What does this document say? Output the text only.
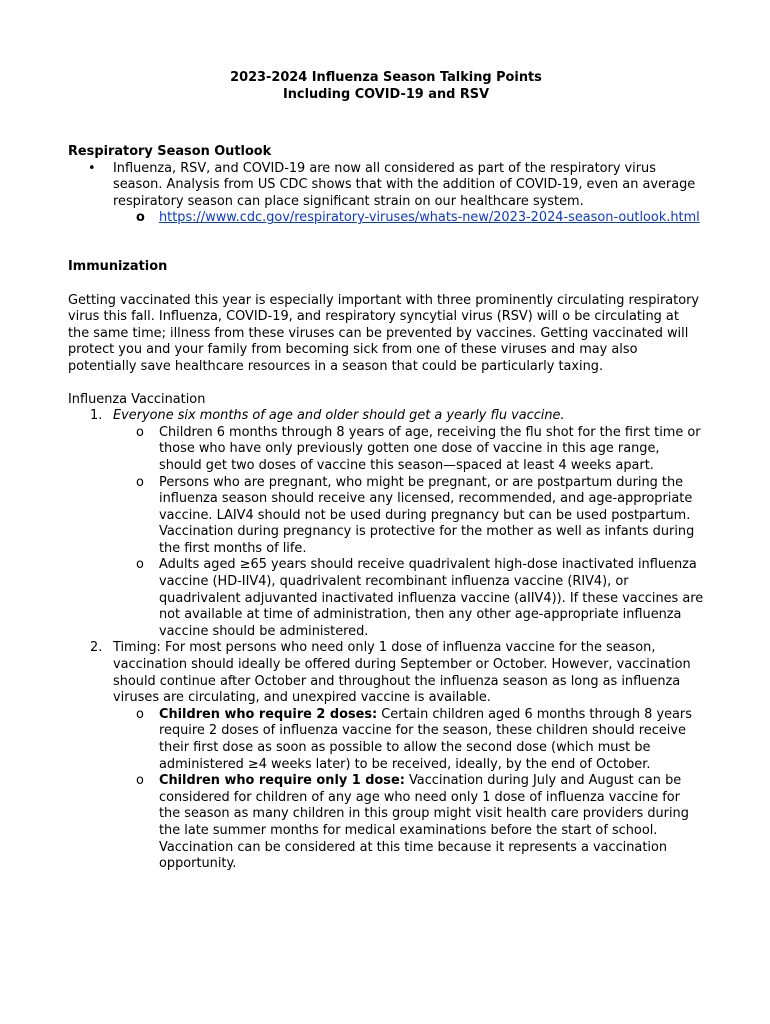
2023-2024 Influenza Season Talking Points
Including COVID-19 and RSV

Respiratory Season Outlook

• Influenza, RSV, and COVID-19 are now all considered as part of the respiratory virus season. Analysis from US CDC shows that with the addition of COVID-19, even an average respiratory season can place significant strain on our healthcare system.
o https://www.cdc.gov/respiratory-viruses/whats-new/2023-2024-season-outlook.html

Immunization

Getting vaccinated this year is especially important with three prominently circulating respiratory virus this fall. Influenza, COVID-19, and respiratory syncytial virus (RSV) will o be circulating at the same time; illness from these viruses can be prevented by vaccines. Getting vaccinated will protect you and your family from becoming sick from one of these viruses and may also potentially save healthcare resources in a season that could be particularly taxing.

Influenza Vaccination

1. Everyone six months of age and older should get a yearly flu vaccine.
o Children 6 months through 8 years of age, receiving the flu shot for the first time or those who have only previously gotten one dose of vaccine in this age range, should get two doses of vaccine this season—spaced at least 4 weeks apart.
o Persons who are pregnant, who might be pregnant, or are postpartum during the influenza season should receive any licensed, recommended, and age-appropriate vaccine. LAIV4 should not be used during pregnancy but can be used postpartum. Vaccination during pregnancy is protective for the mother as well as infants during the first months of life.
o Adults aged ≥65 years should receive quadrivalent high-dose inactivated influenza vaccine (HD-IIV4), quadrivalent recombinant influenza vaccine (RIV4), or quadrivalent adjuvanted inactivated influenza vaccine (aIIV4)). If these vaccines are not available at time of administration, then any other age-appropriate influenza vaccine should be administered.
2. Timing: For most persons who need only 1 dose of influenza vaccine for the season, vaccination should ideally be offered during September or October. However, vaccination should continue after October and throughout the influenza season as long as influenza viruses are circulating, and unexpired vaccine is available.
o Children who require 2 doses: Certain children aged 6 months through 8 years require 2 doses of influenza vaccine for the season, these children should receive their first dose as soon as possible to allow the second dose (which must be administered ≥4 weeks later) to be received, ideally, by the end of October.
o Children who require only 1 dose: Vaccination during July and August can be considered for children of any age who need only 1 dose of influenza vaccine for the season as many children in this group might visit health care providers during the late summer months for medical examinations before the start of school. Vaccination can be considered at this time because it represents a vaccination opportunity.
